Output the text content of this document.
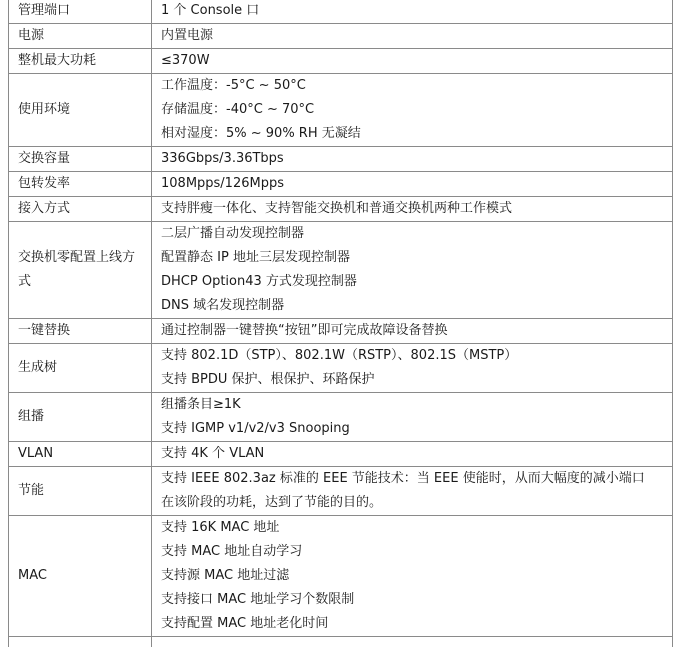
管理端口	1 个 Console 口

电源	内置电源

整机最大功耗	≤370W

使用环境	工作温度：-5°C ~ 50°C
存储温度：-40°C ~ 70°C
相对湿度：5% ~ 90% RH 无凝结

交换容量	336Gbps/3.36Tbps

包转发率	108Mpps/126Mpps

接入方式	支持胖瘦一体化、支持智能交换机和普通交换机两种工作模式

交换机零配置上线方式	二层广播自动发现控制器
配置静态 IP 地址三层发现控制器
DHCP Option43 方式发现控制器
DNS 域名发现控制器

一键替换	通过控制器一键替换“按钮”即可完成故障设备替换

生成树	支持 802.1D（STP）、802.1W（RSTP）、802.1S（MSTP）
支持 BPDU 保护、根保护、环路保护

组播	组播条目≥1K
支持 IGMP v1/v2/v3 Snooping

VLAN	支持 4K 个 VLAN

节能	支持 IEEE 802.3az 标准的 EEE 节能技术：当 EEE 使能时，从而大幅度的减小端口
在该阶段的功耗，达到了节能的目的。

MAC	支持 16K MAC 地址
支持 MAC 地址自动学习
支持源 MAC 地址过滤
支持接口 MAC 地址学习个数限制
支持配置 MAC 地址老化时间
